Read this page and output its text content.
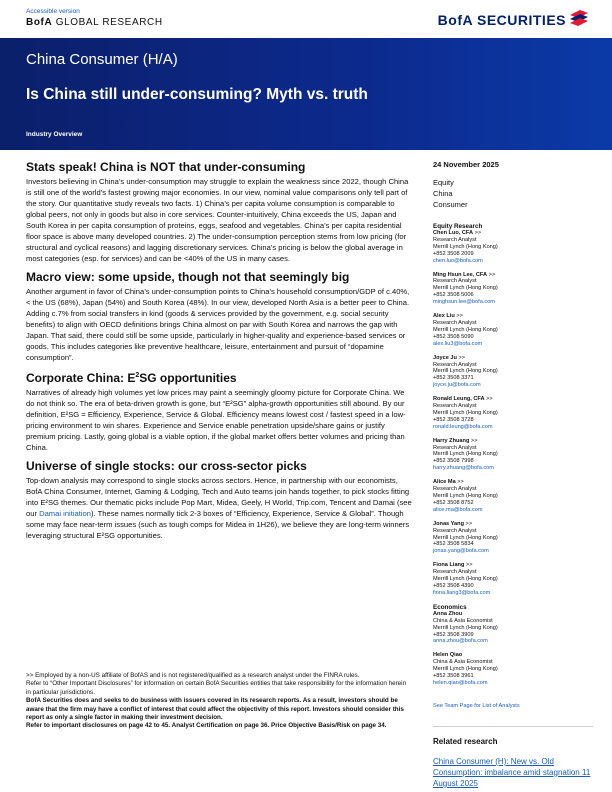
Accessible version
BofA GLOBAL RESEARCH	BofA SECURITIES
China Consumer (H/A)
Is China still under-consuming? Myth vs. truth
Industry Overview
Stats speak! China is NOT that under-consuming

Investors believing in China’s under-consumption may struggle to explain the weakness since 2022, though China is still one of the world’s fastest growing major economies. In our view, nominal value comparisons only tell part of the story. Our quantitative study reveals two facts. 1) China’s per capita volume consumption is comparable to global peers, not only in goods but also in core services. Counter-intuitively, China exceeds the US, Japan and South Korea in per capita consumption of proteins, eggs, seafood and vegetables. China’s per capita residential floor space is above many developed countries. 2) The under-consumption perception stems from low pricing (for structural and cyclical reasons) and lagging discretionary services. China’s pricing is below the global average in most categories (esp. for services) and can be <40% of the US in many cases.

Macro view: some upside, though not that seemingly big

Another argument in favor of China’s under-consumption points to China’s household consumption/GDP of c.40%, < the US (68%), Japan (54%) and South Korea (48%). In our view, developed North Asia is a better peer to China. Adding c.7% from social transfers in kind (goods & services provided by the government, e.g. social security benefits) to align with OECD definitions brings China almost on par with South Korea and narrows the gap with Japan. That said, there could still be some upside, particularly in higher-quality and experience-based services or goods. This includes categories like preventive healthcare, leisure, entertainment and pursuit of “dopamine consumption”.

Corporate China: $E^2SG$ opportunities

Narratives of already high volumes yet low prices may paint a seemingly gloomy picture for Corporate China. We do not think so. The era of beta-driven growth is gone, but “E²SG” alpha-growth opportunities still abound. By our definition, E²SG = Efficiency, Experience, Service & Global. Efficiency means lowest cost / fastest speed in a low-pricing environment to win shares. Experience and Service enable penetration upside/share gains or justify premium pricing. Lastly, going global is a viable option, if the global market offers better volumes and pricing than China.

Universe of single stocks: our cross-sector picks

Top-down analysis may correspond to single stocks across sectors. Hence, in partnership with our economists, BofA China Consumer, Internet, Gaming & Lodging, Tech and Auto teams join hands together, to pick stocks fitting into E²SG themes. Our thematic picks include Pop Mart, Midea, Geely, H World, Trip.com, Tencent and Damai (see our Damai initiation). These names normally tick 2-3 boxes of “Efficiency, Experience, Service & Global”. Though some may face near-term issues (such as tough comps for Midea in 1H26), we believe they are long-term winners leveraging structural E²SG opportunities.

>> Employed by a non-US affiliate of BofAS and is not registered/qualified as a research analyst under the FINRA rules.
Refer to “Other Important Disclosures” for information on certain BofA Securities entities that take responsibility for the information herein in particular jurisdictions.
BofA Securities does and seeks to do business with issuers covered in its research reports. As a result, investors should be aware that the firm may have a conflict of interest that could affect the objectivity of this report. Investors should consider this report as only a single factor in making their investment decision.
Refer to important disclosures on page 42 to 45. Analyst Certification on page 36. Price Objective Basis/Risk on page 34.
24 November 2025
Equity
China
Consumer
Equity Research
Chen Luo, CFA >>
Research Analyst
Merrill Lynch (Hong Kong)
+852 3508 2009
chen.luo@bofa.com
Ming Hsun Lee, CFA >>
Research Analyst
Merrill Lynch (Hong Kong)
+852 3508 5006
minghsun.lee@bofa.com
Alex Liu >>
Research Analyst
Merrill Lynch (Hong Kong)
+852 3508 5090
alex.liu3@bofa.com
Joyce Ju >>
Research Analyst
Merrill Lynch (Hong Kong)
+852 3508 3371
joyce.ju@bofa.com
Ronald Leung, CFA >>
Research Analyst
Merrill Lynch (Hong Kong)
+852 3508 3728
ronald.leung@bofa.com
Harry Zhuang >>
Research Analyst
Merrill Lynch (Hong Kong)
+852 3508 7998
harry.zhuang@bofa.com
Alice Ma >>
Research Analyst
Merrill Lynch (Hong Kong)
+852 3508 8752
alice.ma@bofa.com
Jonas Yang >>
Research Analyst
Merrill Lynch (Hong Kong)
+852 3508 5834
jonas.yang@bofa.com
Fiona Liang >>
Research Analyst
Merrill Lynch (Hong Kong)
+852 3508 4390
fiona.liang3@bofa.com
Economics
Anna Zhou
China & Asia Economist
Merrill Lynch (Hong Kong)
+852 3508 3909
anna.zhou@bofa.com
Helen Qiao
China & Asia Economist
Merrill Lynch (Hong Kong)
+852 3508 3961
helen.qiao@bofa.com
See Team Page for List of Analysts
Related research
China Consumer (H): New vs. Old Consumption: imbalance amid stagnation 11 August 2025
